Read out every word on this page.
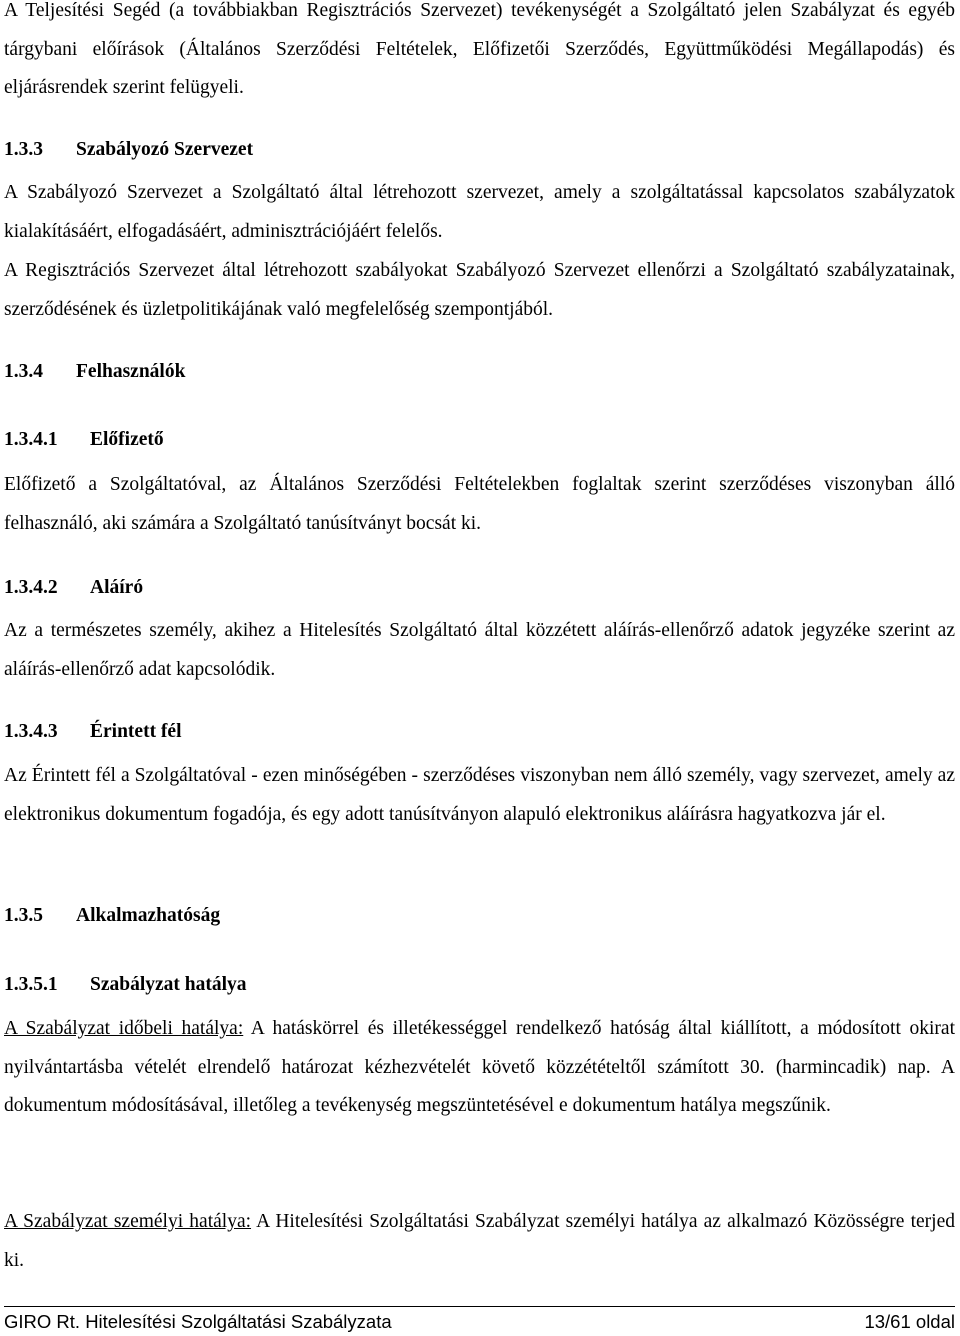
A Teljesítési Segéd (a továbbiakban Regisztrációs Szervezet) tevékenységét a Szolgáltató jelen Szabályzat és egyéb tárgybani előírások (Általános Szerződési Feltételek, Előfizetői Szerződés, Együttműködési Megállapodás) és eljárásrendek szerint felügyeli.

1.3.3 Szabályozó Szervezet

A Szabályozó Szervezet a Szolgáltató által létrehozott szervezet, amely a szolgáltatással kapcsolatos szabályzatok kialakításáért, elfogadásáért, adminisztrációjáért felelős.

A Regisztrációs Szervezet által létrehozott szabályokat Szabályozó Szervezet ellenőrzi a Szolgáltató szabályzatainak, szerződésének és üzletpolitikájának való megfelelőség szempontjából.

1.3.4 Felhasználók
1.3.4.1 Előfizető

Előfizető a Szolgáltatóval, az Általános Szerződési Feltételekben foglaltak szerint szerződéses viszonyban álló felhasználó, aki számára a Szolgáltató tanúsítványt bocsát ki.

1.3.4.2 Aláíró

Az a természetes személy, akihez a Hitelesítés Szolgáltató által közzétett aláírás-ellenőrző adatok jegyzéke szerint az aláírás-ellenőrző adat kapcsolódik.

1.3.4.3 Érintett fél

Az Érintett fél a Szolgáltatóval - ezen minőségében - szerződéses viszonyban nem álló személy, vagy szervezet, amely az elektronikus dokumentum fogadója, és egy adott tanúsítványon alapuló elektronikus aláírásra hagyatkozva jár el.

1.3.5 Alkalmazhatóság
1.3.5.1 Szabályzat hatálya

A Szabályzat időbeli hatálya: A hatáskörrel és illetékességgel rendelkező hatóság által kiállított, a módosított okirat nyilvántartásba vételét elrendelő határozat kézhezvételét követő közzétételtől számított 30. (harmincadik) nap. A dokumentum módosításával, illetőleg a tevékenység megszüntetésével e dokumentum hatálya megszűnik.

A Szabályzat személyi hatálya: A Hitelesítési Szolgáltatási Szabályzat személyi hatálya az alkalmazó Közösségre terjed ki.

GIRO Rt. Hitelesítési Szolgáltatási Szabályzata	13/61 oldal
